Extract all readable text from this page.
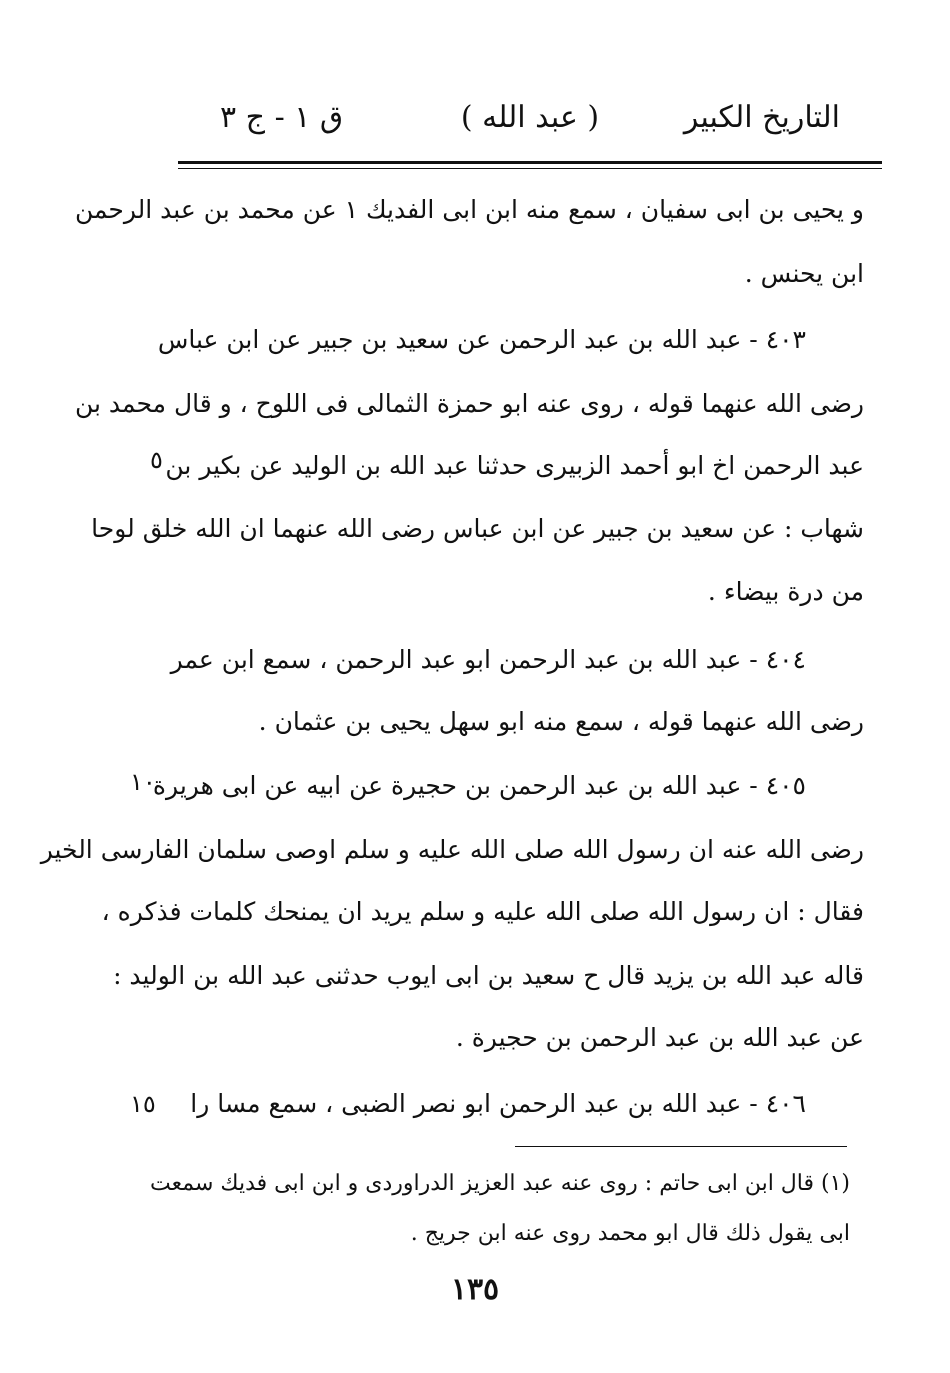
التاريخ الكبير
( عبد الله )
ق ١ - ج ٣
و يحيى بن ابى سفيان ، سمع منه ابن ابى الفديك ١ عن محمد بن عبد الرحمن
ابن يحنس .
٤٠٣ - عبد الله بن عبد الرحمن عن سعيد بن جبير عن ابن عباس
رضى الله عنهما قوله ، روى عنه ابو حمزة الثمالى فى اللوح ، و قال محمد بن
عبد الرحمن اخ ابو أحمد الزبيرى حدثنا عبد الله بن الوليد عن بكير بن
شهاب : عن سعيد بن جبير عن ابن عباس رضى الله عنهما ان الله خلق لوحا
من درة بيضاء .
٤٠٤ - عبد الله بن عبد الرحمن ابو عبد الرحمن ، سمع ابن عمر
رضى الله عنهما قوله ، سمع منه ابو سهل يحيى بن عثمان .
٤٠٥ - عبد الله بن عبد الرحمن بن حجيرة عن ابيه عن ابى هريرة
رضى الله عنه ان رسول الله صلى الله عليه و سلم اوصى سلمان الفارسى الخير
فقال : ان رسول الله صلى الله عليه و سلم يريد ان يمنحك كلمات فذكره ،
قاله عبد الله بن يزيد قال ح سعيد بن ابى ايوب حدثنى عبد الله بن الوليد :
عن عبد الله بن عبد الرحمن بن حجيرة .
٤٠٦ - عبد الله بن عبد الرحمن ابو نصر الضبى ، سمع مسا را
٥
١٠
١٥
(١) قال ابن ابى حاتم : روى عنه عبد العزيز الدراوردى و ابن ابى فديك سمعت
ابى يقول ذلك قال ابو محمد روى عنه ابن جريج .
١٣٥
